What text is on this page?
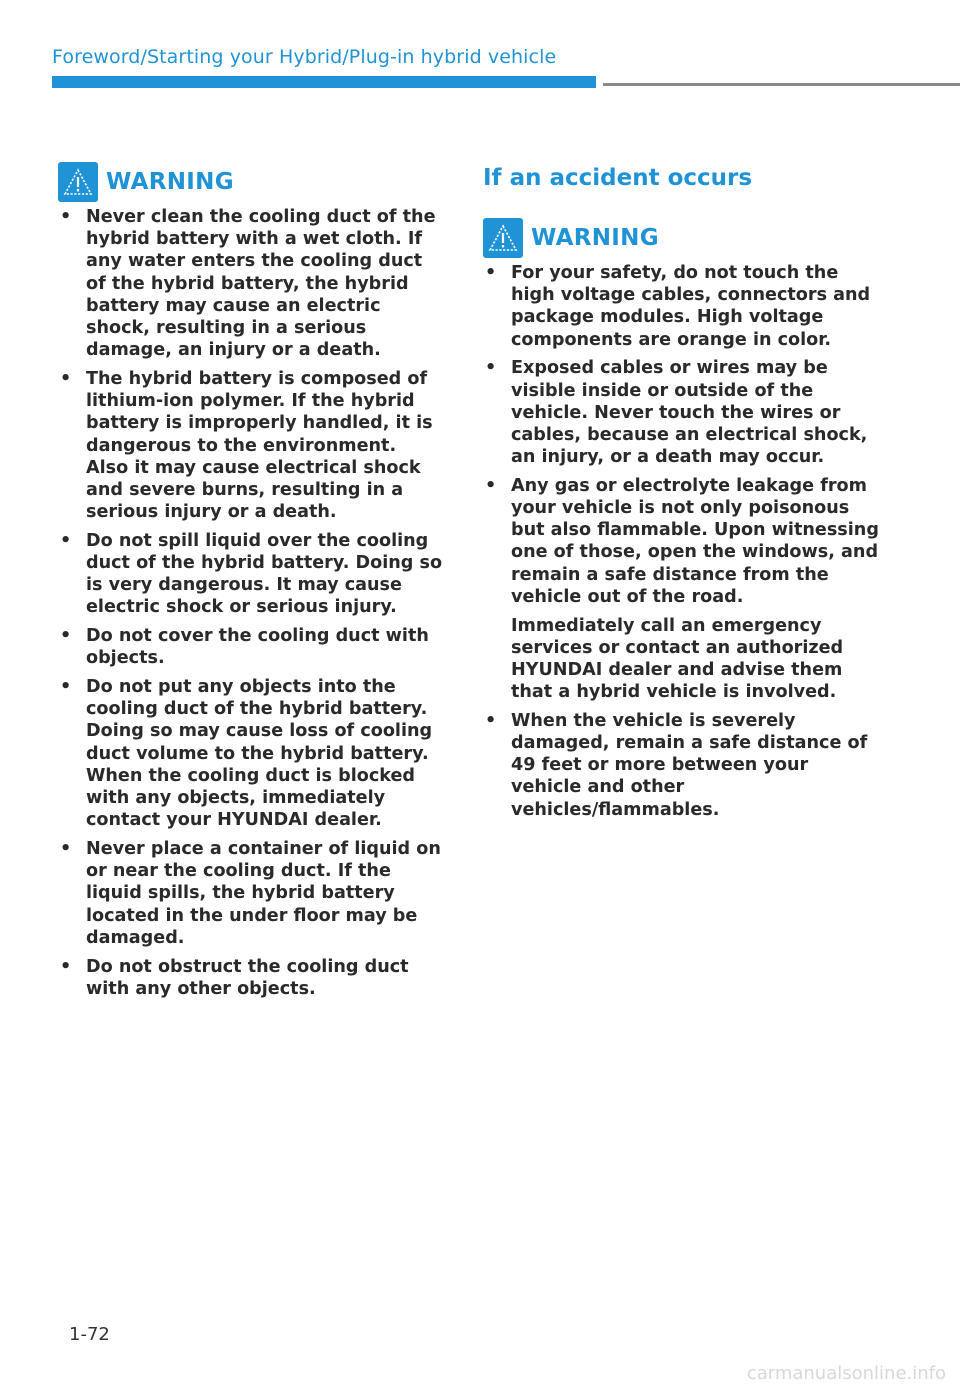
Foreword/Starting your Hybrid/Plug-in hybrid vehicle
WARNING
• Never clean the cooling duct of the hybrid battery with a wet cloth. If any water enters the cooling duct of the hybrid battery, the hybrid battery may cause an electric shock, resulting in a serious damage, an injury or a death.
• The hybrid battery is composed of lithium-ion polymer. If the hybrid battery is improperly handled, it is dangerous to the environment. Also it may cause electrical shock and severe burns, resulting in a serious injury or a death.
• Do not spill liquid over the cooling duct of the hybrid battery. Doing so is very dangerous. It may cause electric shock or serious injury.
• Do not cover the cooling duct with objects.
• Do not put any objects into the cooling duct of the hybrid battery. Doing so may cause loss of cooling duct volume to the hybrid battery. When the cooling duct is blocked with any objects, immediately contact your HYUNDAI dealer.
• Never place a container of liquid on or near the cooling duct. If the liquid spills, the hybrid battery located in the under floor may be damaged.
• Do not obstruct the cooling duct with any other objects.
If an accident occurs
WARNING
• For your safety, do not touch the high voltage cables, connectors and package modules. High voltage components are orange in color.
• Exposed cables or wires may be visible inside or outside of the vehicle. Never touch the wires or cables, because an electrical shock, an injury, or a death may occur.
• Any gas or electrolyte leakage from your vehicle is not only poisonous but also flammable. Upon witnessing one of those, open the windows, and remain a safe distance from the vehicle out of the road.
Immediately call an emergency services or contact an authorized HYUNDAI dealer and advise them that a hybrid vehicle is involved.
• When the vehicle is severely damaged, remain a safe distance of 49 feet or more between your vehicle and other vehicles/flammables.
1-72
carmanualsonline.info
